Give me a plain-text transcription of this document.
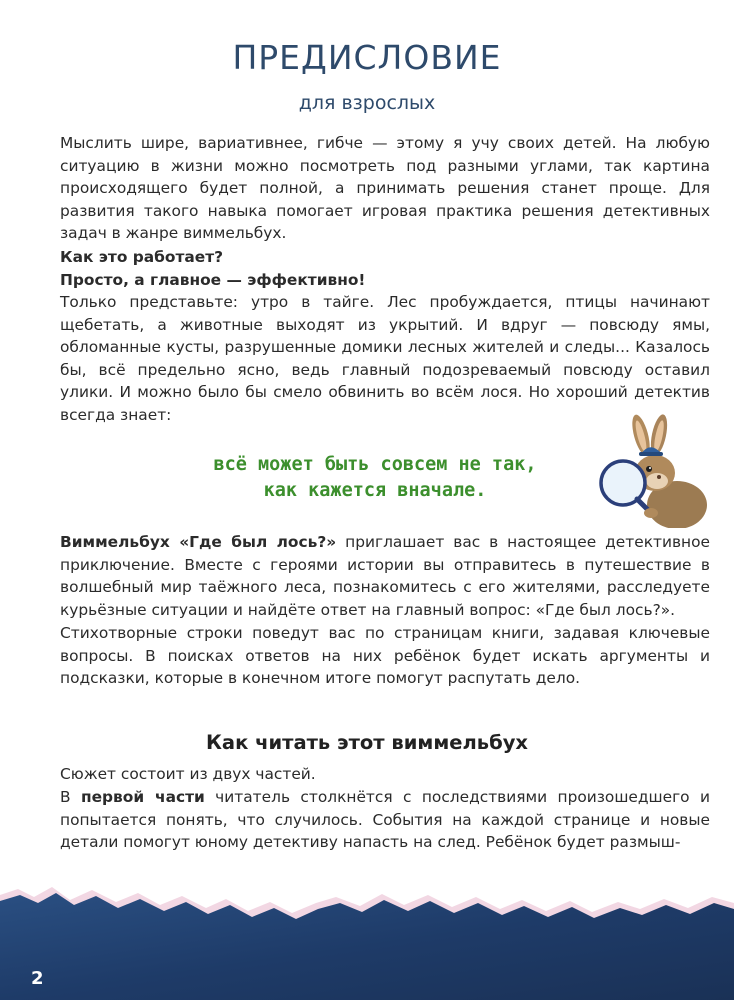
ПРЕДИСЛОВИЕ
для взрослых

Мыслить шире, вариативнее, гибче — этому я учу своих детей. На любую ситуацию в жизни можно посмотреть под разными углами, так картина происходящего будет полной, а принимать решения станет проще. Для развития такого навыка помогает игровая практика решения детективных задач в жанре виммельбух.

Как это работает?

Просто, а главное — эффективно!

Только представьте: утро в тайге. Лес пробуждается, птицы начинают щебетать, а животные выходят из укрытий. И вдруг — повсюду ямы, обломанные кусты, разрушенные домики лесных жителей и следы... Казалось бы, всё предельно ясно, ведь главный подозреваемый повсюду оставил улики. И можно было бы смело обвинить во всём лося. Но хороший детектив всегда знает:

всё может быть совсем не так,
как кажется вначале.

Виммельбух «Где был лось?» приглашает вас в настоящее детективное приключение. Вместе с героями истории вы отправитесь в путешествие в волшебный мир таёжного леса, познакомитесь с его жителями, расследуете курьёзные ситуации и найдёте ответ на главный вопрос: «Где был лось?».

Стихотворные строки поведут вас по страницам книги, задавая ключевые вопросы. В поисках ответов на них ребёнок будет искать аргументы и подсказки, которые в конечном итоге помогут распутать дело.

Как читать этот виммельбух

Сюжет состоит из двух частей.

В первой части читатель столкнётся с последствиями произошедшего и попытается понять, что случилось. События на каждой странице и новые детали помогут юному детективу напасть на след. Ребёнок будет размыш-

2
